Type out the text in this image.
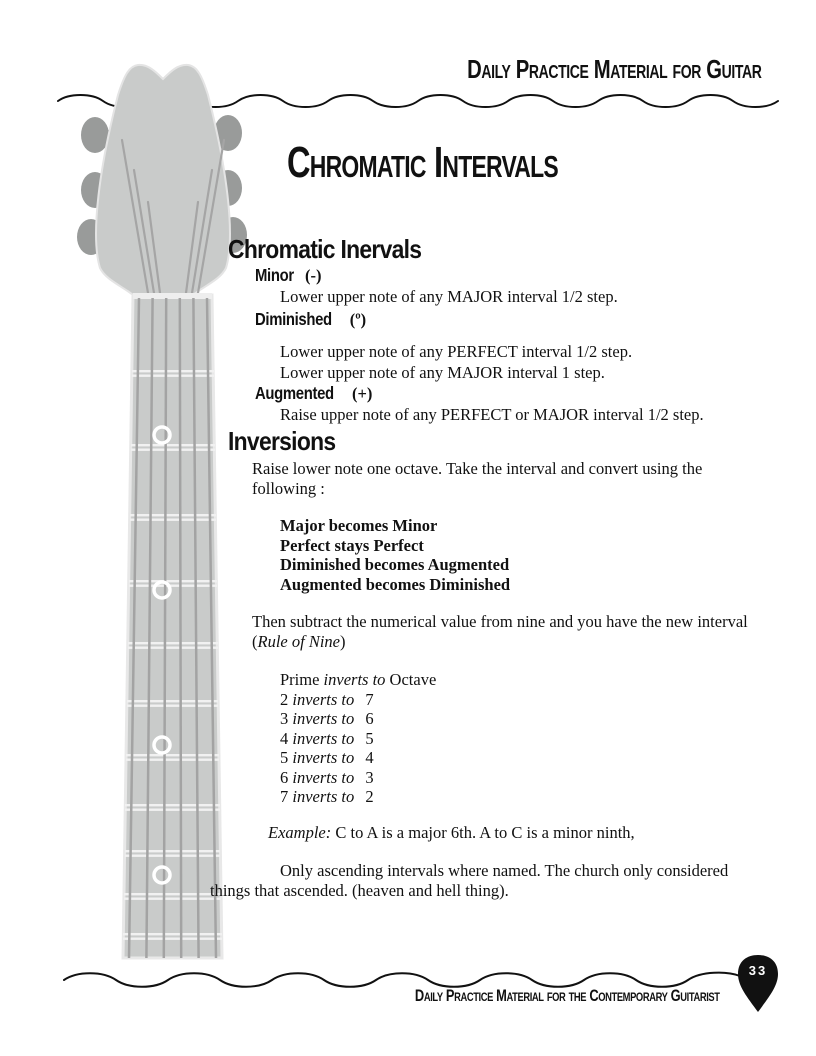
Daily Practice Material for Guitar
Chromatic Intervals
Chromatic Inervals
Minor (-)

Lower upper note of any MAJOR interval 1/2 step.

Diminished (º)

Lower upper note of any PERFECT interval 1/2 step.

Lower upper note of any MAJOR interval 1 step.

Augmented (+)

Raise upper note of any PERFECT or MAJOR interval 1/2 step.

Inversions

Raise lower note one octave. Take the interval and convert using the following :

Major becomes Minor
Perfect stays Perfect
Diminished becomes Augmented
Augmented becomes Diminished

Then subtract the numerical value from nine and you have the new interval (Rule of Nine)

Prime inverts to Octave
2 inverts to 7
3 inverts to 6
4 inverts to 5
5 inverts to 4
6 inverts to 3
7 inverts to 2

Example: C to A is a major 6th. A to C is a minor ninth,

Only ascending intervals where named. The church only considered things that ascended. (heaven and hell thing).

Daily Practice Material for the Contemporary Guitarist
33
